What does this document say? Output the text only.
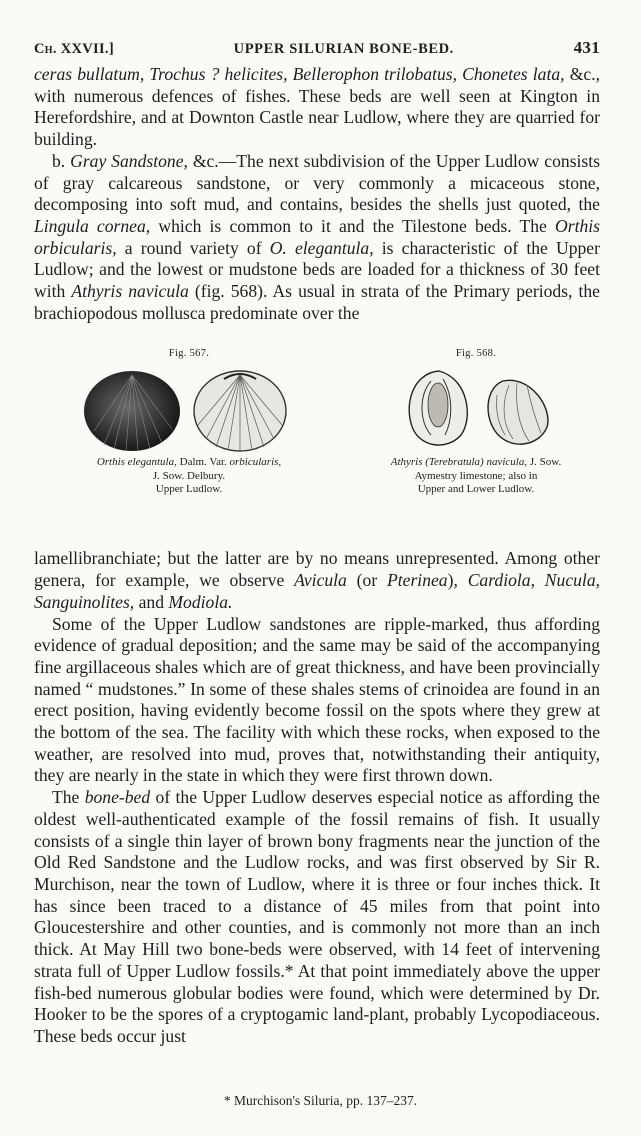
Ch. XXVII.]	UPPER SILURIAN BONE-BED.	431

ceras bullatum, Trochus ? helicites, Bellerophon trilobatus, Chonetes lata, &c., with numerous defences of fishes. These beds are well seen at Kington in Herefordshire, and at Downton Castle near Ludlow, where they are quarried for building.

b. Gray Sandstone, &c.—The next subdivision of the Upper Ludlow consists of gray calcareous sandstone, or very commonly a micaceous stone, decomposing into soft mud, and contains, besides the shells just quoted, the Lingula cornea, which is common to it and the Tilestone beds. The Orthis orbicularis, a round variety of O. elegantula, is characteristic of the Upper Ludlow; and the lowest or mudstone beds are loaded for a thickness of 30 feet with Athyris navicula (fig. 568). As usual in strata of the Primary periods, the brachiopodous mollusca predominate over the

Fig. 567.
Orthis elegantula, Dalm. Var. orbicularis,
J. Sow. Delbury.
Upper Ludlow.
Fig. 568.
Athyris (Terebratula) navicula, J. Sow.
Aymestry limestone; also in
Upper and Lower Ludlow.

lamellibranchiate; but the latter are by no means unrepresented. Among other genera, for example, we observe Avicula (or Pterinea), Cardiola, Nucula, Sanguinolites, and Modiola.

Some of the Upper Ludlow sandstones are ripple-marked, thus affording evidence of gradual deposition; and the same may be said of the accompanying fine argillaceous shales which are of great thickness, and have been provincially named “ mudstones.” In some of these shales stems of crinoidea are found in an erect position, having evidently become fossil on the spots where they grew at the bottom of the sea. The facility with which these rocks, when exposed to the weather, are resolved into mud, proves that, notwithstanding their antiquity, they are nearly in the state in which they were first thrown down.

The bone-bed of the Upper Ludlow deserves especial notice as affording the oldest well-authenticated example of the fossil remains of fish. It usually consists of a single thin layer of brown bony fragments near the junction of the Old Red Sandstone and the Ludlow rocks, and was first observed by Sir R. Murchison, near the town of Ludlow, where it is three or four inches thick. It has since been traced to a distance of 45 miles from that point into Gloucestershire and other counties, and is commonly not more than an inch thick. At May Hill two bone-beds were observed, with 14 feet of intervening strata full of Upper Ludlow fossils.* At that point immediately above the upper fish-bed numerous globular bodies were found, which were determined by Dr. Hooker to be the spores of a cryptogamic land-plant, probably Lycopodiaceous. These beds occur just

* Murchison's Siluria, pp. 137–237.
